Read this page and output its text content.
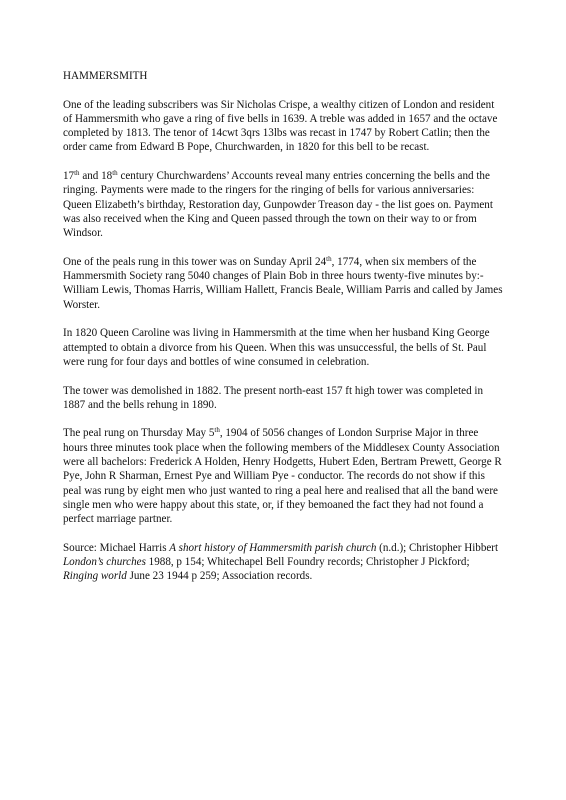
HAMMERSMITH

One of the leading subscribers was Sir Nicholas Crispe, a wealthy citizen of London and resident of Hammersmith who gave a ring of five bells in 1639. A treble was added in 1657 and the octave completed by 1813. The tenor of 14cwt 3qrs 13lbs was recast in 1747 by Robert Catlin; then the order came from Edward B Pope, Churchwarden, in 1820 for this bell to be recast.

17th and 18th century Churchwardens’ Accounts reveal many entries concerning the bells and the ringing. Payments were made to the ringers for the ringing of bells for various anniversaries: Queen Elizabeth’s birthday, Restoration day, Gunpowder Treason day - the list goes on. Payment was also received when the King and Queen passed through the town on their way to or from Windsor.

One of the peals rung in this tower was on Sunday April 24th, 1774, when six members of the Hammersmith Society rang 5040 changes of Plain Bob in three hours twenty-five minutes by:- William Lewis, Thomas Harris, William Hallett, Francis Beale, William Parris and called by James Worster.

In 1820 Queen Caroline was living in Hammersmith at the time when her husband King George attempted to obtain a divorce from his Queen. When this was unsuccessful, the bells of St. Paul were rung for four days and bottles of wine consumed in celebration.

The tower was demolished in 1882. The present north-east 157 ft high tower was completed in 1887 and the bells rehung in 1890.

The peal rung on Thursday May 5th, 1904 of 5056 changes of London Surprise Major in three hours three minutes took place when the following members of the Middlesex County Association were all bachelors: Frederick A Holden, Henry Hodgetts, Hubert Eden, Bertram Prewett, George R Pye, John R Sharman, Ernest Pye and William Pye - conductor. The records do not show if this peal was rung by eight men who just wanted to ring a peal here and realised that all the band were single men who were happy about this state, or, if they bemoaned the fact they had not found a perfect marriage partner.

Source: Michael Harris A short history of Hammersmith parish church (n.d.); Christopher Hibbert London’s churches 1988, p 154; Whitechapel Bell Foundry records; Christopher J Pickford; Ringing world June 23 1944 p 259; Association records.
